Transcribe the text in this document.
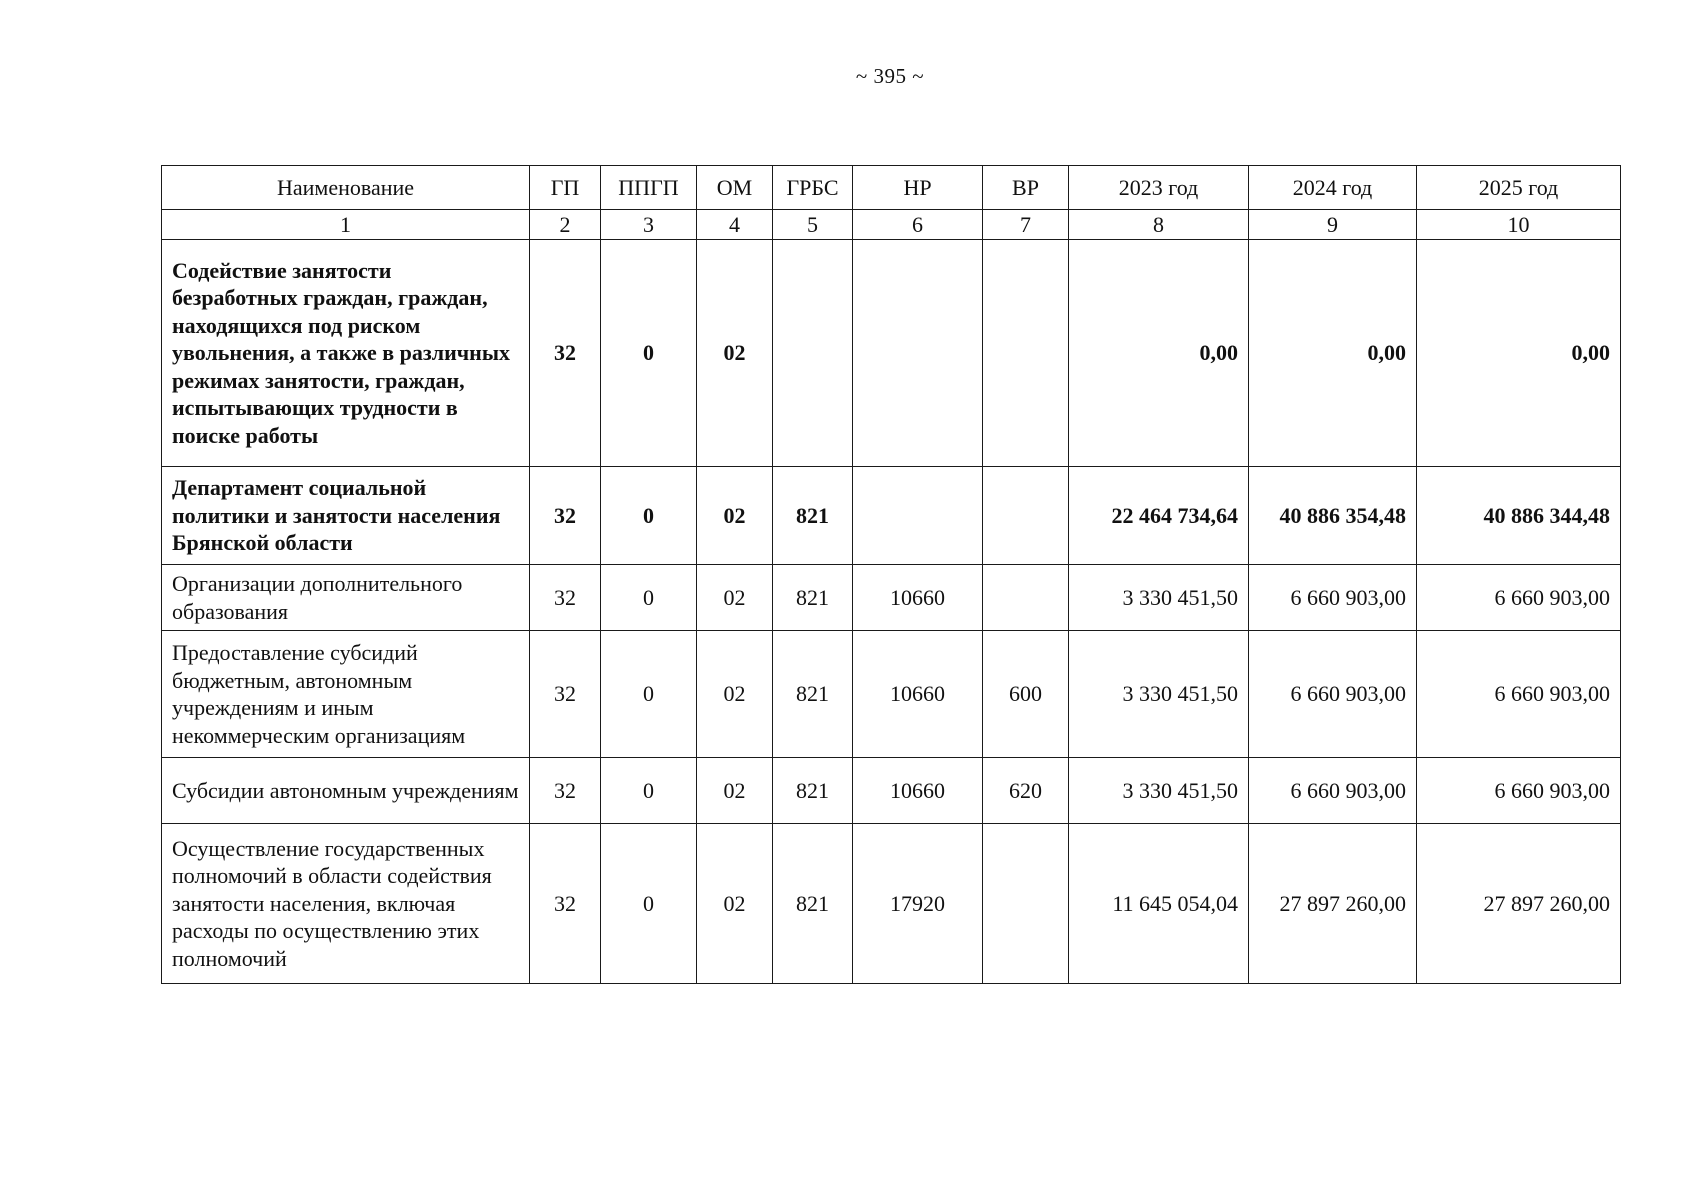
~ 395 ~
Наименование	ГП	ППГП	ОМ	ГРБС	НР	ВР	2023 год	2024 год	2025 год
1	2	3	4	5	6	7	8	9	10
Содействие занятости безработных граждан, граждан, находящихся под риском увольнения, а также в различных режимах занятости, граждан, испытывающих трудности в поиске работы	32	0	02				0,00	0,00	0,00
Департамент социальной политики и занятости населения Брянской области	32	0	02	821			22 464 734,64	40 886 354,48	40 886 344,48
Организации дополнительного образования	32	0	02	821	10660		3 330 451,50	6 660 903,00	6 660 903,00
Предоставление субсидий бюджетным, автономным учреждениям и иным некоммерческим организациям	32	0	02	821	10660	600	3 330 451,50	6 660 903,00	6 660 903,00
Субсидии автономным учреждениям	32	0	02	821	10660	620	3 330 451,50	6 660 903,00	6 660 903,00
Осуществление государственных полномочий в области содействия занятости населения, включая расходы по осуществлению этих полномочий	32	0	02	821	17920		11 645 054,04	27 897 260,00	27 897 260,00
